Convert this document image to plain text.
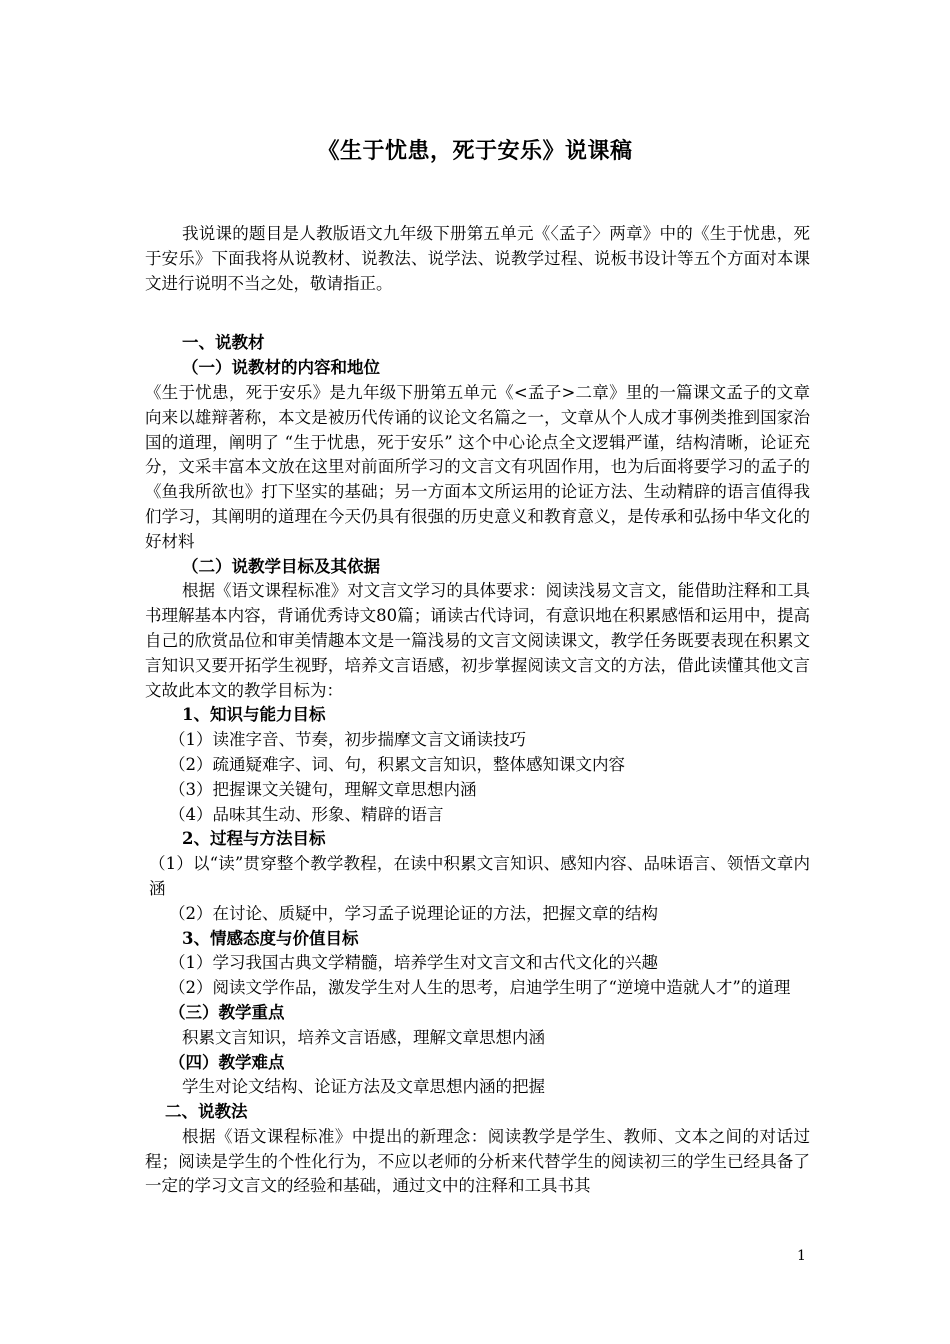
《生于忧患，死于安乐》说课稿

我说课的题目是人教版语文九年级下册第五单元《〈孟子〉两章》中的《生于忧患，死于安乐》下面我将从说教材、说教法、说学法、说教学过程、说板书设计等五个方面对本课文进行说明不当之处，敬请指正。

一、说教材

（一）说教材的内容和地位

《生于忧患，死于安乐》是九年级下册第五单元《<孟子>二章》里的一篇课文孟子的文章向来以雄辩著称，本文是被历代传诵的议论文名篇之一，文章从个人成才事例类推到国家治国的道理，阐明了 “生于忧患，死于安乐” 这个中心论点全文逻辑严谨，结构清晰，论证充分，文采丰富本文放在这里对前面所学习的文言文有巩固作用，也为后面将要学习的孟子的《鱼我所欲也》打下坚实的基础；另一方面本文所运用的论证方法、生动精辟的语言值得我们学习，其阐明的道理在今天仍具有很强的历史意义和教育意义，是传承和弘扬中华文化的好材料

（二）说教学目标及其依据

根据《语文课程标准》对文言文学习的具体要求：阅读浅易文言文，能借助注释和工具书理解基本内容，背诵优秀诗文80篇；诵读古代诗词，有意识地在积累感悟和运用中，提高自己的欣赏品位和审美情趣本文是一篇浅易的文言文阅读课文，教学任务既要表现在积累文言知识又要开拓学生视野，培养文言语感，初步掌握阅读文言文的方法，借此读懂其他文言文故此本文的教学目标为：

1、知识与能力目标

（1）读准字音、节奏，初步揣摩文言文诵读技巧

（2）疏通疑难字、词、句，积累文言知识，整体感知课文内容

（3）把握课文关键句，理解文章思想内涵

（4）品味其生动、形象、精辟的语言

2、过程与方法目标

（1）以“读”贯穿整个教学教程，在读中积累文言知识、感知内容、品味语言、领悟文章内涵

（2）在讨论、质疑中，学习孟子说理论证的方法，把握文章的结构

3、情感态度与价值目标

（1）学习我国古典文学精髓，培养学生对文言文和古代文化的兴趣

（2）阅读文学作品，激发学生对人生的思考，启迪学生明了“逆境中造就人才”的道理

（三）教学重点

积累文言知识，培养文言语感，理解文章思想内涵

（四）教学难点

学生对论文结构、论证方法及文章思想内涵的把握

二、说教法

根据《语文课程标准》中提出的新理念：阅读教学是学生、教师、文本之间的对话过程；阅读是学生的个性化行为，不应以老师的分析来代替学生的阅读初三的学生已经具备了一定的学习文言文的经验和基础，通过文中的注释和工具书其

1
